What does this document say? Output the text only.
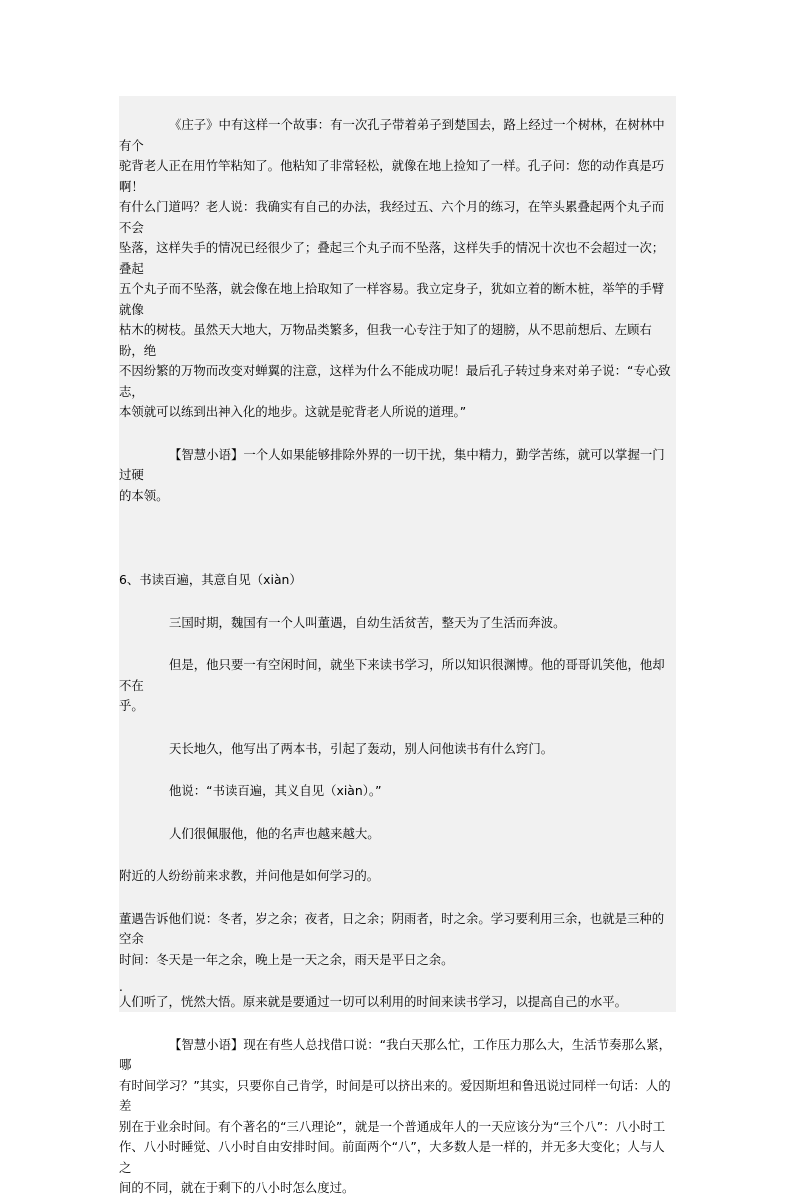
《庄子》中有这样一个故事：有一次孔子带着弟子到楚国去，路上经过一个树林，在树林中有个
驼背老人正在用竹竿粘知了。他粘知了非常轻松，就像在地上捡知了一样。孔子问：您的动作真是巧啊！
有什么门道吗？老人说：我确实有自己的办法，我经过五、六个月的练习，在竿头累叠起两个丸子而不会
坠落，这样失手的情况已经很少了；叠起三个丸子而不坠落，这样失手的情况十次也不会超过一次；叠起
五个丸子而不坠落，就会像在地上拾取知了一样容易。我立定身子，犹如立着的断木桩，举竿的手臂就像
枯木的树枝。虽然天大地大，万物品类繁多，但我一心专注于知了的翅膀，从不思前想后、左顾右盼，绝
不因纷繁的万物而改变对蝉翼的注意，这样为什么不能成功呢！最后孔子转过身来对弟子说：“专心致志，
本领就可以练到出神入化的地步。这就是驼背老人所说的道理。”
【智慧小语】一个人如果能够排除外界的一切干扰，集中精力，勤学苦练，就可以掌握一门过硬
的本领。
6、书读百遍，其意自见（xiàn）
三国时期，魏国有一个人叫董遇，自幼生活贫苦，整天为了生活而奔波。
但是，他只要一有空闲时间，就坐下来读书学习，所以知识很渊博。他的哥哥讥笑他，他却不在
乎。
天长地久，他写出了两本书，引起了轰动，别人问他读书有什么窍门。
他说：“书读百遍，其义自见（xiàn）。”
人们很佩服他，他的名声也越来越大。
附近的人纷纷前来求教，并问他是如何学习的。
董遇告诉他们说：冬者，岁之余；夜者，日之余；阴雨者，时之余。学习要利用三余，也就是三种的空余
时间：冬天是一年之余，晚上是一天之余，雨天是平日之余。
人们听了，恍然大悟。原来就是要通过一切可以利用的时间来读书学习，以提高自己的水平。
【智慧小语】现在有些人总找借口说：“我白天那么忙，工作压力那么大，生活节奏那么紧，哪
有时间学习？”其实，只要你自己肯学，时间是可以挤出来的。爱因斯坦和鲁迅说过同样一句话：人的差
别在于业余时间。有个著名的“三八理论”，就是一个普通成年人的一天应该分为“三个八”：八小时工
作、八小时睡觉、八小时自由安排时间。前面两个“八”，大多数人是一样的，并无多大变化；人与人之
间的不同，就在于剩下的八小时怎么度过。
.
